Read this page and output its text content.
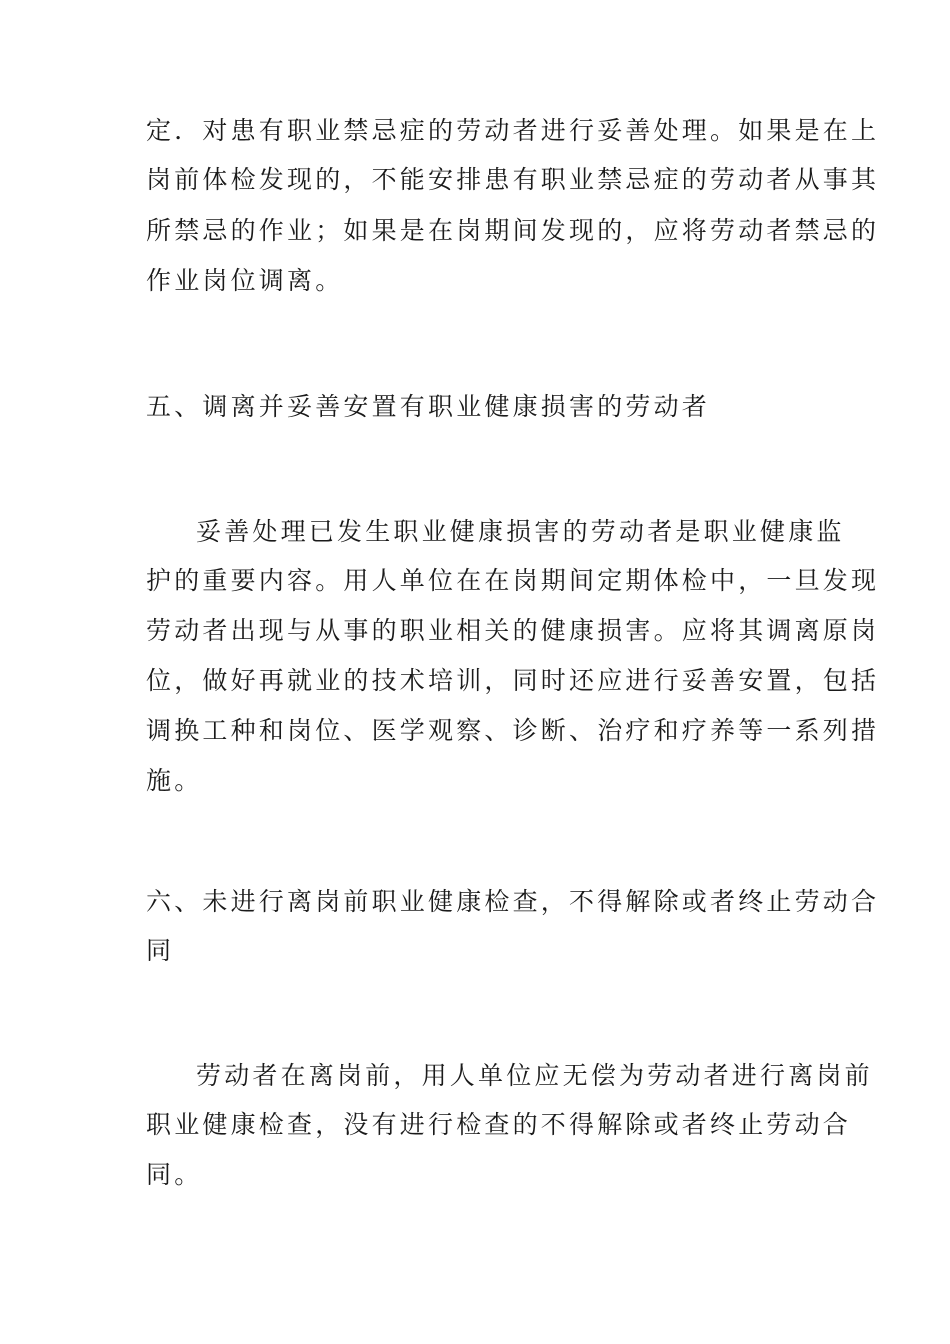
定．对患有职业禁忌症的劳动者进行妥善处理。如果是在上
岗前体检发现的，不能安排患有职业禁忌症的劳动者从事其
所禁忌的作业；如果是在岗期间发现的，应将劳动者禁忌的
作业岗位调离。
五、调离并妥善安置有职业健康损害的劳动者
妥善处理已发生职业健康损害的劳动者是职业健康监
护的重要内容。用人单位在在岗期间定期体检中，一旦发现
劳动者出现与从事的职业相关的健康损害。应将其调离原岗
位，做好再就业的技术培训，同时还应进行妥善安置，包括
调换工种和岗位、医学观察、诊断、治疗和疗养等一系列措
施。
六、未进行离岗前职业健康检查，不得解除或者终止劳动合
同
劳动者在离岗前，用人单位应无偿为劳动者进行离岗前
职业健康检查，没有进行检查的不得解除或者终止劳动合
同。
